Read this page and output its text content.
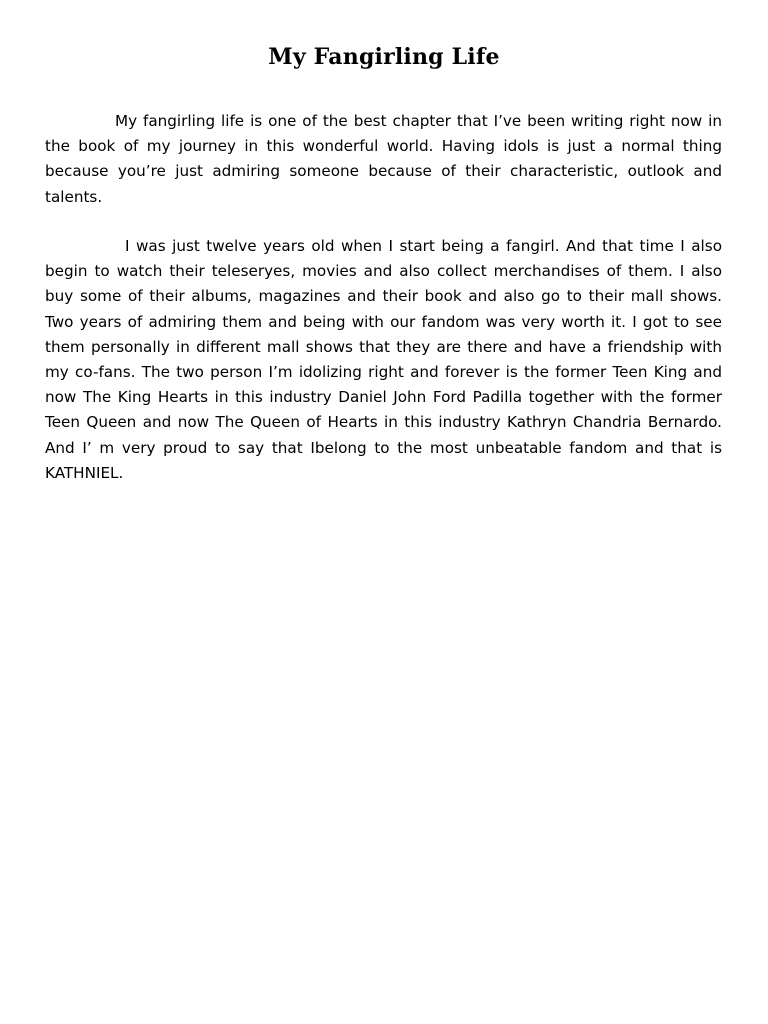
My Fangirling Life

My fangirling life is one of the best chapter that I’ve been writing right now in the book of my journey in this wonderful world. Having idols is just a normal thing because you’re just admiring someone because of their characteristic, outlook and talents.

I was just twelve years old when I start being a fangirl. And that time I also begin to watch their teleseryes, movies and also collect merchandises of them. I also buy some of their albums, magazines and their book and also go to their mall shows. Two years of admiring them and being with our fandom was very worth it. I got to see them personally in different mall shows that they are there and have a friendship with my co-fans. The two person I’m idolizing right and forever is the former Teen King and now The King Hearts in this industry Daniel John Ford Padilla together with the former Teen Queen and now The Queen of Hearts in this industry Kathryn Chandria Bernardo. And I’ m very proud to say that Ibelong to the most unbeatable fandom and that is KATHNIEL.
